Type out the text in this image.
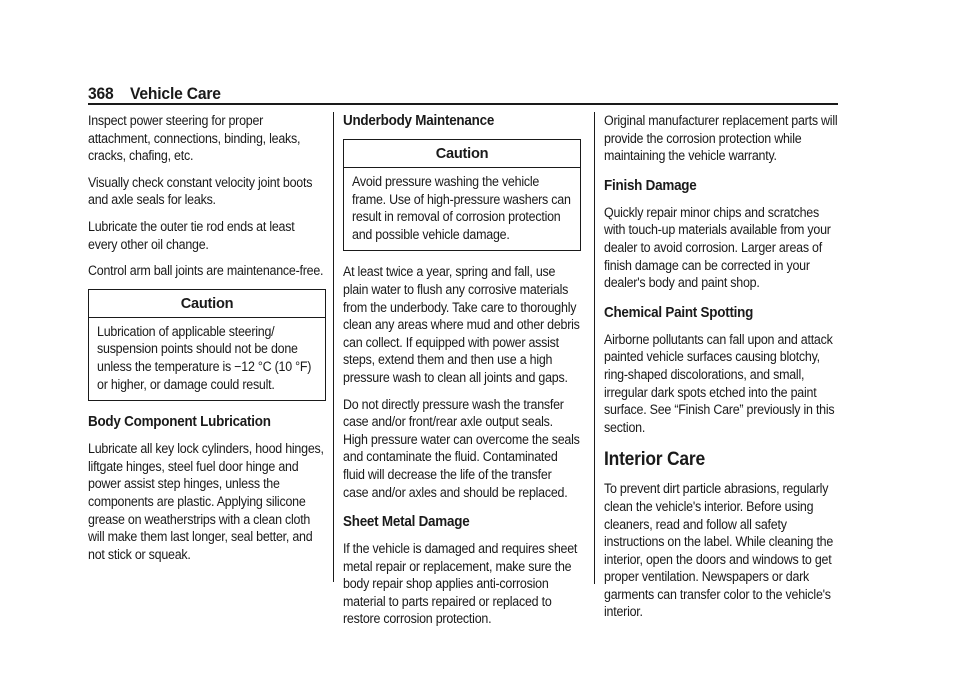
368 Vehicle Care
Inspect power steering for proper attachment, connections, binding, leaks, cracks, chafing, etc.
Visually check constant velocity joint boots and axle seals for leaks.
Lubricate the outer tie rod ends at least every other oil change.
Control arm ball joints are maintenance-free.
Caution
Lubrication of applicable steering/ suspension points should not be done unless the temperature is −12 °C (10 °F) or higher, or damage could result.
Body Component Lubrication
Lubricate all key lock cylinders, hood hinges, liftgate hinges, steel fuel door hinge and power assist step hinges, unless the components are plastic. Applying silicone grease on weatherstrips with a clean cloth will make them last longer, seal better, and not stick or squeak.
Underbody Maintenance
Caution
Avoid pressure washing the vehicle frame. Use of high-pressure washers can result in removal of corrosion protection and possible vehicle damage.
At least twice a year, spring and fall, use plain water to flush any corrosive materials from the underbody. Take care to thoroughly clean any areas where mud and other debris can collect. If equipped with power assist steps, extend them and then use a high pressure wash to clean all joints and gaps.
Do not directly pressure wash the transfer case and/or front/rear axle output seals. High pressure water can overcome the seals and contaminate the fluid. Contaminated fluid will decrease the life of the transfer case and/or axles and should be replaced.
Sheet Metal Damage
If the vehicle is damaged and requires sheet metal repair or replacement, make sure the body repair shop applies anti-corrosion material to parts repaired or replaced to restore corrosion protection.
Original manufacturer replacement parts will provide the corrosion protection while maintaining the vehicle warranty.
Finish Damage
Quickly repair minor chips and scratches with touch-up materials available from your dealer to avoid corrosion. Larger areas of finish damage can be corrected in your dealer's body and paint shop.
Chemical Paint Spotting
Airborne pollutants can fall upon and attack painted vehicle surfaces causing blotchy, ring-shaped discolorations, and small, irregular dark spots etched into the paint surface. See “Finish Care” previously in this section.
Interior Care
To prevent dirt particle abrasions, regularly clean the vehicle's interior. Before using cleaners, read and follow all safety instructions on the label. While cleaning the interior, open the doors and windows to get proper ventilation. Newspapers or dark garments can transfer color to the vehicle's interior.
